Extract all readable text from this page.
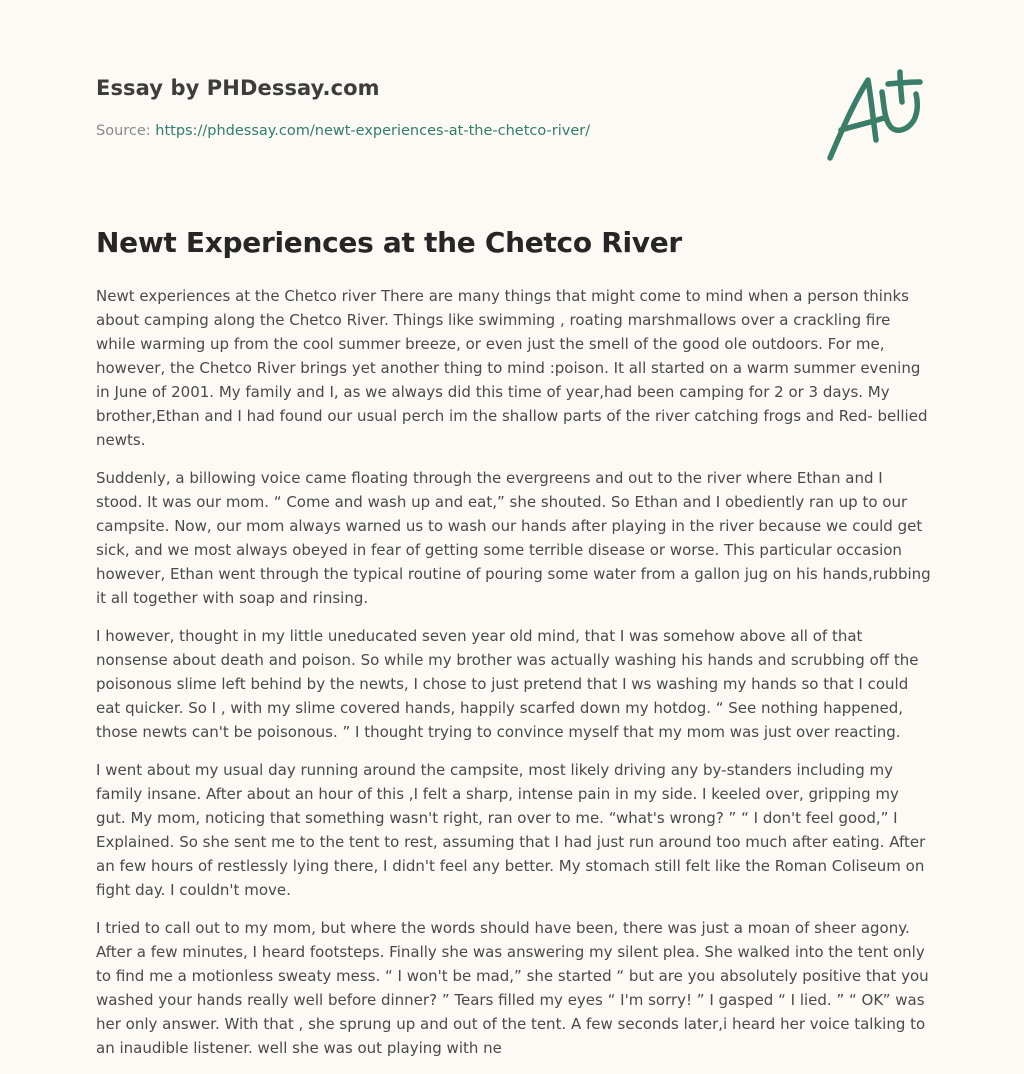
Essay by PHDessay.com
Source: https://phdessay.com/newt-experiences-at-the-chetco-river/
Newt Experiences at the Chetco River

Newt experiences at the Chetco river There are many things that might come to mind when a person thinks about camping along the Chetco River. Things like swimming , roating marshmallows over a crackling fire while warming up from the cool summer breeze, or even just the smell of the good ole outdoors. For me, however, the Chetco River brings yet another thing to mind :poison. It all started on a warm summer evening in June of 2001. My family and I, as we always did this time of year,had been camping for 2 or 3 days. My brother,Ethan and I had found our usual perch im the shallow parts of the river catching frogs and Red- bellied newts.

Suddenly, a billowing voice came floating through the evergreens and out to the river where Ethan and I stood. It was our mom. “ Come and wash up and eat,” she shouted. So Ethan and I obediently ran up to our campsite. Now, our mom always warned us to wash our hands after playing in the river because we could get sick, and we most always obeyed in fear of getting some terrible disease or worse. This particular occasion however, Ethan went through the typical routine of pouring some water from a gallon jug on his hands,rubbing it all together with soap and rinsing.

I however, thought in my little uneducated seven year old mind, that I was somehow above all of that nonsense about death and poison. So while my brother was actually washing his hands and scrubbing off the poisonous slime left behind by the newts, I chose to just pretend that I ws washing my hands so that I could eat quicker. So I , with my slime covered hands, happily scarfed down my hotdog. “ See nothing happened, those newts can't be poisonous. ” I thought trying to convince myself that my mom was just over reacting.

I went about my usual day running around the campsite, most likely driving any by-standers including my family insane. After about an hour of this ,I felt a sharp, intense pain in my side. I keeled over, gripping my gut. My mom, noticing that something wasn't right, ran over to me. “what's wrong? ” “ I don't feel good,” I Explained. So she sent me to the tent to rest, assuming that I had just run around too much after eating. After an few hours of restlessly lying there, I didn't feel any better. My stomach still felt like the Roman Coliseum on fight day. I couldn't move.

I tried to call out to my mom, but where the words should have been, there was just a moan of sheer agony. After a few minutes, I heard footsteps. Finally she was answering my silent plea. She walked into the tent only to find me a motionless sweaty mess. “ I won't be mad,” she started “ but are you absolutely positive that you washed your hands really well before dinner? ” Tears filled my eyes “ I'm sorry! ” I gasped “ I lied. ” “ OK” was her only answer. With that , she sprung up and out of the tent. A few seconds later,i heard her voice talking to an inaudible listener. well she was out playing with ne
